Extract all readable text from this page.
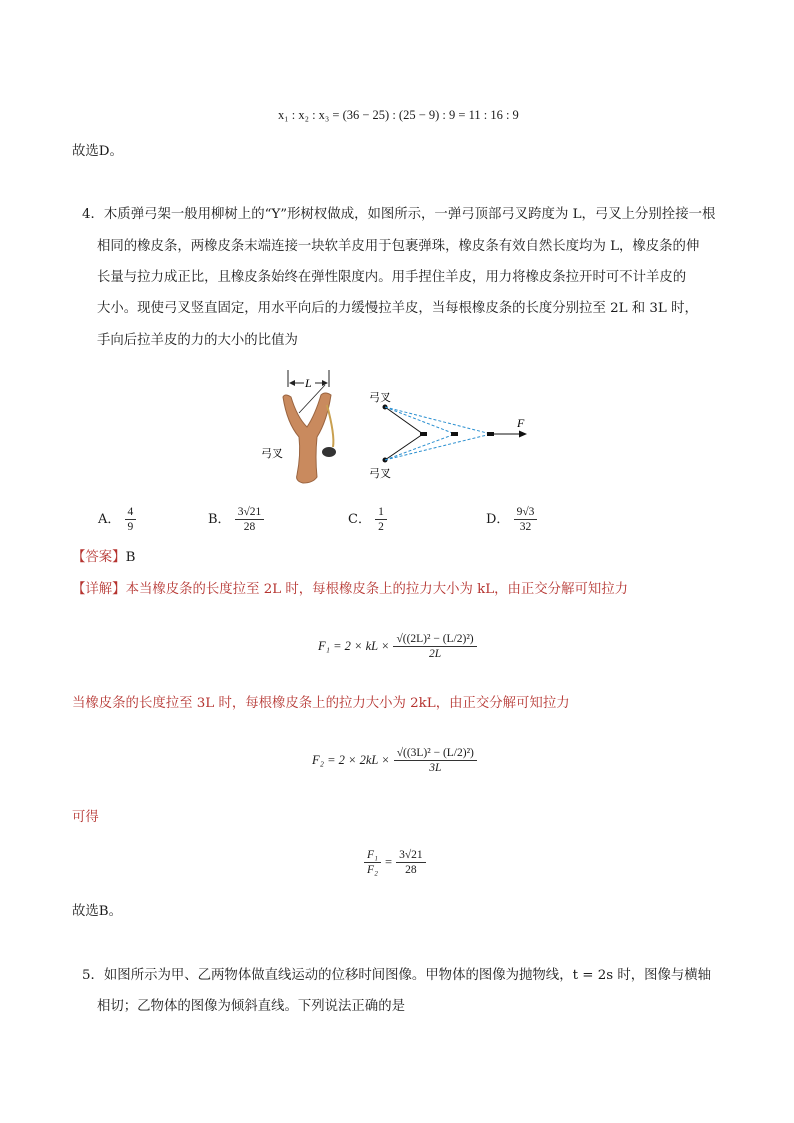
x₁ : x₂ : x₃ = (36 − 25) : (25 − 9) : 9 = 11 : 16 : 9
故选D。
4．木质弹弓架一般用柳树上的“Y”形树杈做成，如图所示，一弹弓顶部弓叉跨度为 L，弓叉上分别拴接一根
相同的橡皮条，两橡皮条末端连接一块软羊皮用于包裹弹珠，橡皮条有效自然长度均为 L，橡皮条的伸
长量与拉力成正比，且橡皮条始终在弹性限度内。用手捏住羊皮，用力将橡皮条拉开时可不计羊皮的
大小。现使弓叉竖直固定，用水平向后的力缓慢拉羊皮，当每根橡皮条的长度分别拉至 2L 和 3L 时，
手向后拉羊皮的力的大小的比值为
L
弓叉
弓叉
弓叉
F
A． $\frac{4}{9}$	B． $\frac{3√21}{28}$	C． $\frac{1}{2}$	D． $\frac{9√3}{32}$
【答案】B
【详解】本当橡皮条的长度拉至 2L 时，每根橡皮条上的拉力大小为 kL，由正交分解可知拉力
F₁ = 2 × kL × $\frac{\text{√((2L)² − (L/2)²)}}{2L}$
当橡皮条的长度拉至 3L 时，每根橡皮条上的拉力大小为 2kL，由正交分解可知拉力
$F_2 = 2 \times 2kL \times \frac{\text{√((3L)² − (L/2)²)}}{3L}$
可得
$\frac{\text{F₁}}{\text{F₂}} = \frac{3√21}{28}$
故选B。
5．如图所示为甲、乙两物体做直线运动的位移时间图像。甲物体的图像为抛物线，t = 2s 时，图像与横轴
相切；乙物体的图像为倾斜直线。下列说法正确的是
